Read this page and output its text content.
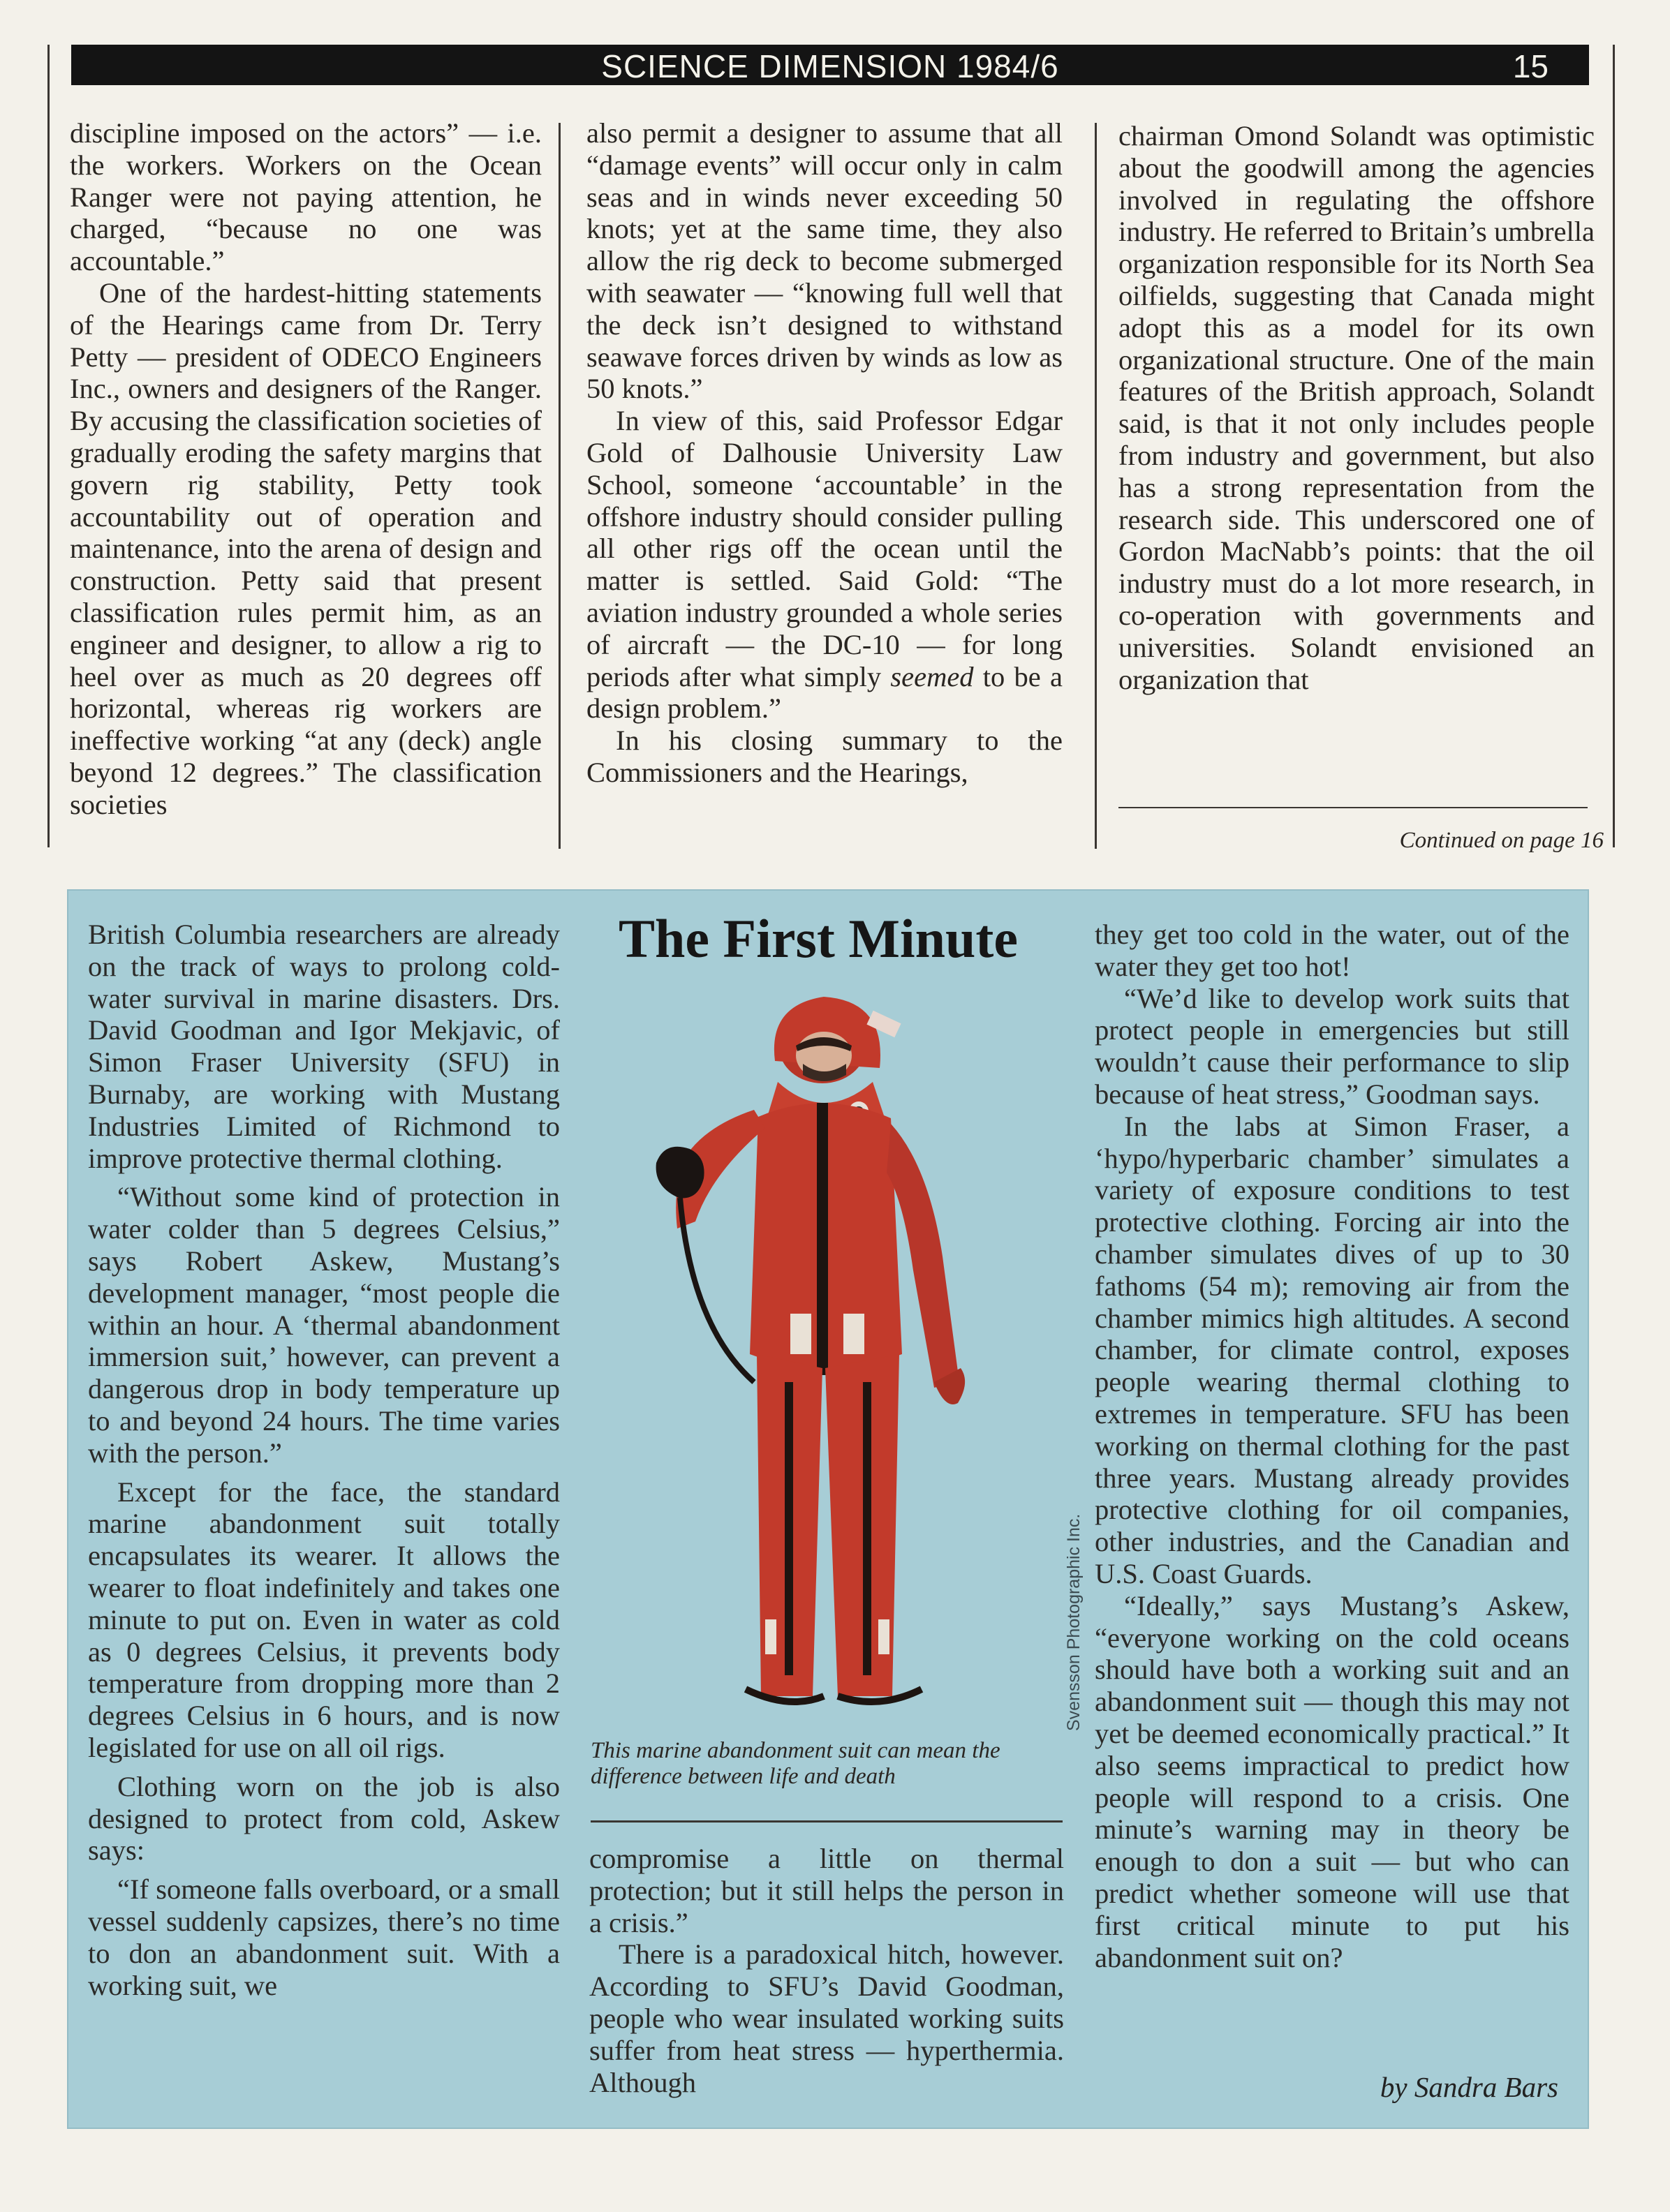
SCIENCE DIMENSION 1984/6	15

discipline imposed on the actors” — i.e. the workers. Workers on the Ocean Ranger were not paying attention, he charged, “because no one was accountable.”

One of the hardest-hitting statements of the Hearings came from Dr. Terry Petty — president of ODECO Engineers Inc., owners and designers of the Ranger. By accusing the classification societies of gradually eroding the safety margins that govern rig stability, Petty took accountability out of operation and maintenance, into the arena of design and construction. Petty said that present classification rules permit him, as an engineer and designer, to allow a rig to heel over as much as 20 degrees off horizontal, whereas rig workers are ineffective working “at any (deck) angle beyond 12 degrees.” The classification societies

also permit a designer to assume that all “damage events” will occur only in calm seas and in winds never exceeding 50 knots; yet at the same time, they also allow the rig deck to become submerged with seawater — “knowing full well that the deck isn’t designed to withstand seawave forces driven by winds as low as 50 knots.”

In view of this, said Professor Edgar Gold of Dalhousie University Law School, someone ‘accountable’ in the offshore industry should consider pulling all other rigs off the ocean until the matter is settled. Said Gold: “The aviation industry grounded a whole series of aircraft — the DC-10 — for long periods after what simply seemed to be a design problem.”

In his closing summary to the Commissioners and the Hearings,

chairman Omond Solandt was optimistic about the goodwill among the agencies involved in regulating the offshore industry. He referred to Britain’s umbrella organization responsible for its North Sea oilfields, suggesting that Canada might adopt this as a model for its own organizational structure. One of the main features of the British approach, Solandt said, is that it not only includes people from industry and government, but also has a strong representation from the research side. This underscored one of Gordon MacNabb’s points: that the oil industry must do a lot more research, in co-operation with governments and universities. Solandt envisioned an organization that

Continued on page 16
The First Minute

British Columbia researchers are already on the track of ways to prolong cold-water survival in marine disasters. Drs. David Goodman and Igor Mekjavic, of Simon Fraser University (SFU) in Burnaby, are working with Mustang Industries Limited of Richmond to improve protective thermal clothing.

“Without some kind of protection in water colder than 5 degrees Celsius,” says Robert Askew, Mustang’s development manager, “most people die within an hour. A ‘thermal abandonment immersion suit,’ however, can prevent a dangerous drop in body temperature up to and beyond 24 hours. The time varies with the person.”

Except for the face, the standard marine abandonment suit totally encapsulates its wearer. It allows the wearer to float indefinitely and takes one minute to put on. Even in water as cold as 0 degrees Celsius, it prevents body temperature from dropping more than 2 degrees Celsius in 6 hours, and is now legislated for use on all oil rigs.

Clothing worn on the job is also designed to protect from cold, Askew says:

“If someone falls overboard, or a small vessel suddenly capsizes, there’s no time to don an abandonment suit. With a working suit, we

Svensson Photographic Inc.
This marine abandonment suit can mean the difference between life and death

compromise a little on thermal protection; but it still helps the person in a crisis.”

There is a paradoxical hitch, however. According to SFU’s David Goodman, people who wear insulated working suits suffer from heat stress — hyperthermia. Although

they get too cold in the water, out of the water they get too hot!

“We’d like to develop work suits that protect people in emergencies but still wouldn’t cause their performance to slip because of heat stress,” Goodman says.

In the labs at Simon Fraser, a ‘hypo/hyperbaric chamber’ simulates a variety of exposure conditions to test protective clothing. Forcing air into the chamber simulates dives of up to 30 fathoms (54 m); removing air from the chamber mimics high altitudes. A second chamber, for climate control, exposes people wearing thermal clothing to extremes in temperature. SFU has been working on thermal clothing for the past three years. Mustang already provides protective clothing for oil companies, other industries, and the Canadian and U.S. Coast Guards.

“Ideally,” says Mustang’s Askew, “everyone working on the cold oceans should have both a working suit and an abandonment suit — though this may not yet be deemed economically practical.” It also seems impractical to predict how people will respond to a crisis. One minute’s warning may in theory be enough to don a suit — but who can predict whether someone will use that first critical minute to put his abandonment suit on?

by Sandra Bars
